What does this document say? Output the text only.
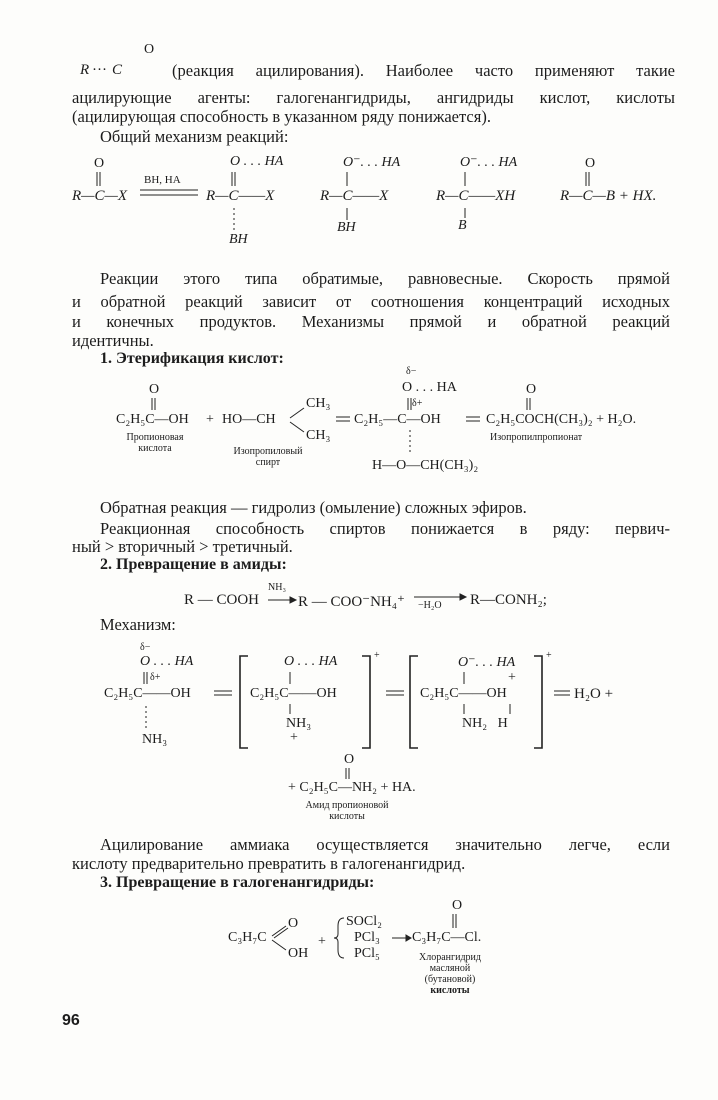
R ··· C
O
(реакция ацилирования). Наиболее часто применяют такие
ацилирующие агенты: галогенангидриды, ангидриды кислот, кислоты
(ацилирующая способность в указанном ряду понижается).
Общий механизм реакций:
O
R—C—X
BH, HA
O . . . HA
R—C——X
BH
O⁻. . . HA
R—C——X
BH
O⁻. . . HA
R—C——XH
B
O
R—C—B + HX.
Реакции этого типа обратимые, равновесные. Скорость прямой
и обратной реакций зависит от соотношения концентраций исходных
и конечных продуктов. Механизмы прямой и обратной реакций
идентичны.
1. Этерификация кислот:
O
C₂H₅C—OH + HO—CH
CH₃
CH₃
Пропионовая
кислота	Изопропиловый
спирт
δ−
O . . . HA
δ+
C₂H₅—C—OH
H—O—CH(CH₃)₂
O
C₂H₅COCH(CH₃)₂ + H₂O.
Изопропилпропионат
Обратная реакция — гидролиз (омыление) сложных эфиров.
Реакционная способность спиртов понижается в ряду: первич-
ный > вторичный > третичный.
2. Превращение в амиды:
R — COOH
NH₃
R — COO⁻NH₄⁺ −H₂O R—CONH₂;
Механизм:
δ−
O . . . HA
δ+
C₂H₅C——OH
NH₃
O . . . HA
C₂H₅C——OH
NH₃
+
+	O⁻. . . HA
+
C₂H₅C——OH
NH₂   H
+
H₂O +
O
+ C₂H₅C—NH₂ + HA.
Амид пропионовой
кислоты
Ацилирование аммиака осуществляется значительно легче, если
кислоту предварительно превратить в галогенангидрид.
3. Превращение в галогенангидриды:
C₃H₇C
O
OH
+
SOCl₂
PCl₃
PCl₅
O
C₃H₇C—Cl.
Хлорангидрид
масляной
(бутановой)
кислоты
96
